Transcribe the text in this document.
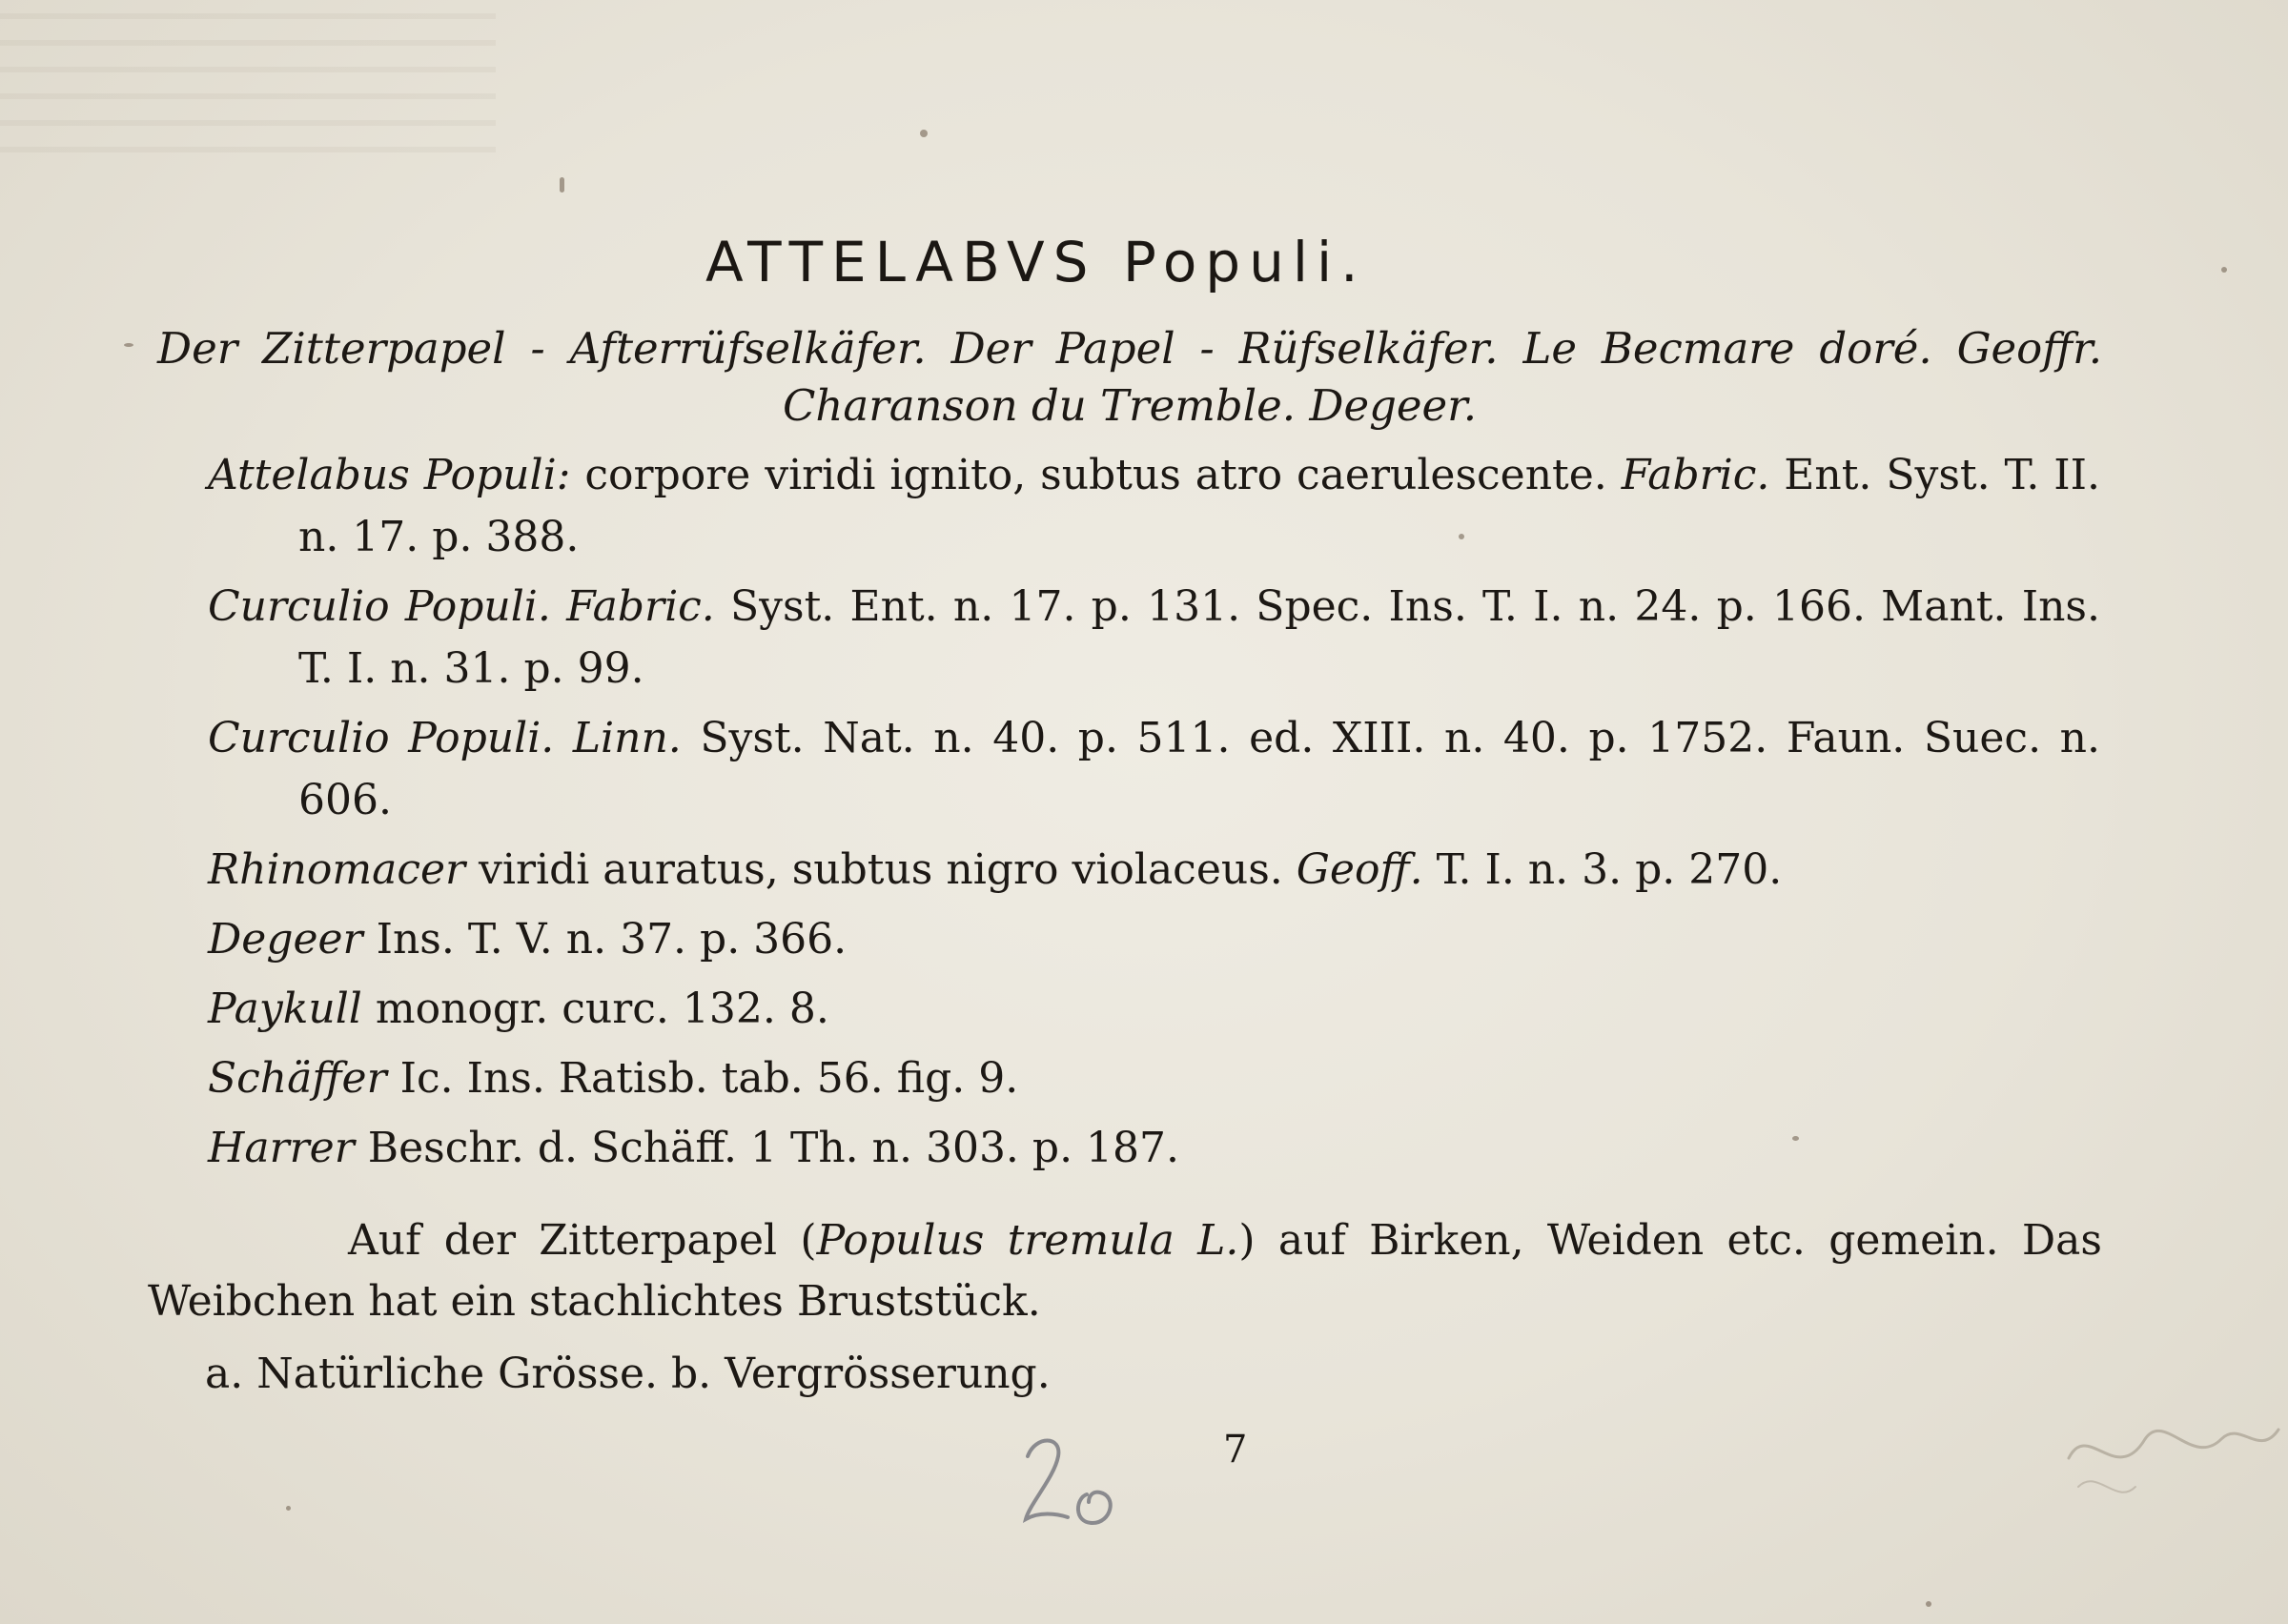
ATTELABVS Populi.
Der Zitterpapel - Afterrüfselkäfer. Der Papel - Rüfselkäfer. Le Becmare doré. Geoffr. Charanson du Tremble. Degeer.
Attelabus Populi: corpore viridi ignito, subtus atro caerulescente. Fabric. Ent. Syst. T. II. n. 17. p. 388.
Curculio Populi. Fabric. Syst. Ent. n. 17. p. 131. Spec. Ins. T. I. n. 24. p. 166. Mant. Ins. T. I. n. 31. p. 99.
Curculio Populi. Linn. Syst. Nat. n. 40. p. 511. ed. XIII. n. 40. p. 1752. Faun. Suec. n. 606.
Rhinomacer viridi auratus, subtus nigro violaceus. Geoff. T. I. n. 3. p. 270.
Degeer Ins. T. V. n. 37. p. 366.
Paykull monogr. curc. 132. 8.
Schäffer Ic. Ins. Ratisb. tab. 56. fig. 9.
Harrer Beschr. d. Schäff. 1 Th. n. 303. p. 187.
Auf der Zitterpapel (Populus tremula L.) auf Birken, Weiden etc. gemein. Das Weibchen hat ein stachlichtes Bruststück.
a. Natürliche Grösse. b. Vergrösserung.
7
